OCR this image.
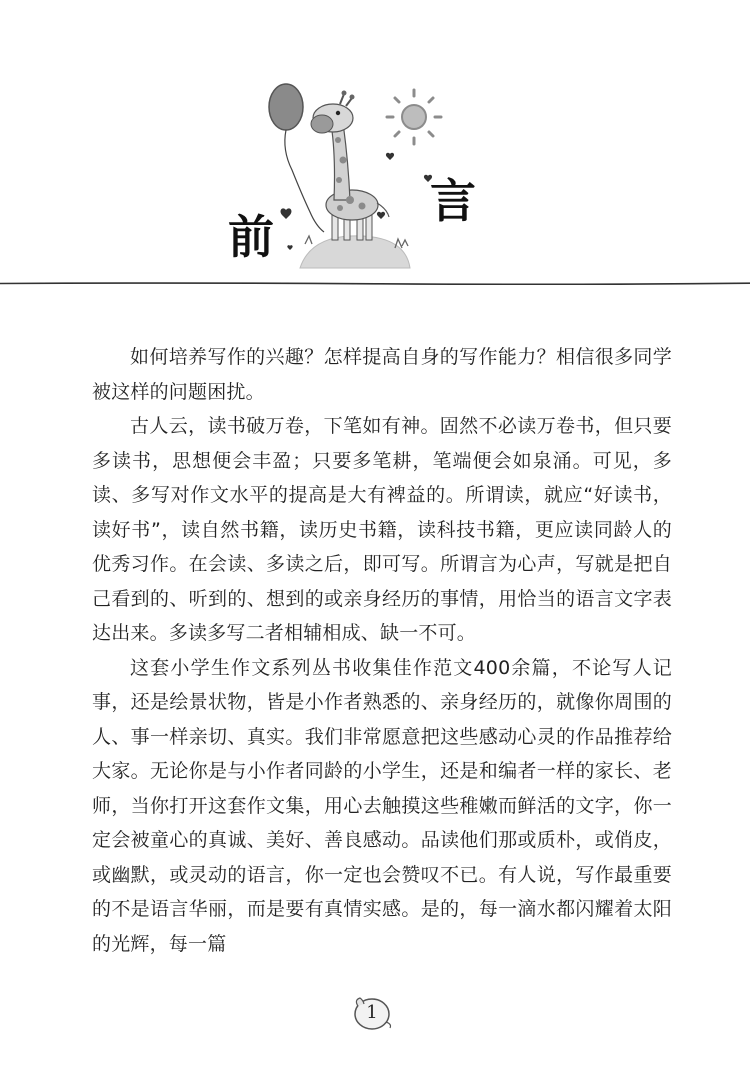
前
言

如何培养写作的兴趣？怎样提高自身的写作能力？相信很多同学被这样的问题困扰。

古人云，读书破万卷，下笔如有神。固然不必读万卷书，但只要多读书，思想便会丰盈；只要多笔耕，笔端便会如泉涌。可见，多读、多写对作文水平的提高是大有裨益的。所谓读，就应“好读书，读好书”，读自然书籍，读历史书籍，读科技书籍，更应读同龄人的优秀习作。在会读、多读之后，即可写。所谓言为心声，写就是把自己看到的、听到的、想到的或亲身经历的事情，用恰当的语言文字表达出来。多读多写二者相辅相成、缺一不可。

这套小学生作文系列丛书收集佳作范文400余篇，不论写人记事，还是绘景状物，皆是小作者熟悉的、亲身经历的，就像你周围的人、事一样亲切、真实。我们非常愿意把这些感动心灵的作品推荐给大家。无论你是与小作者同龄的小学生，还是和编者一样的家长、老师，当你打开这套作文集，用心去触摸这些稚嫩而鲜活的文字，你一定会被童心的真诚、美好、善良感动。品读他们那或质朴，或俏皮，或幽默，或灵动的语言，你一定也会赞叹不已。有人说，写作最重要的不是语言华丽，而是要有真情实感。是的，每一滴水都闪耀着太阳的光辉，每一篇

1
